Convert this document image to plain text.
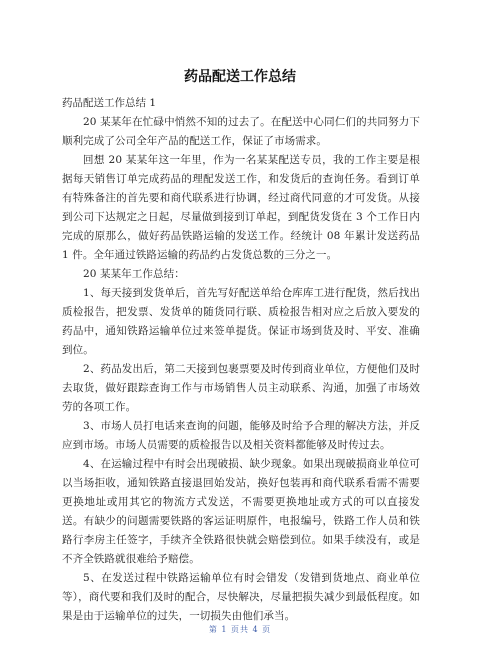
药品配送工作总结

药品配送工作总结 1

20 某某年在忙碌中悄然不知的过去了。在配送中心同仁们的共同努力下顺利完成了公司全年产品的配送工作，保证了市场需求。

回想 20 某某年这一年里，作为一名某某配送专员，我的工作主要是根据每天销售订单完成药品的理配发送工作，和发货后的查询任务。看到订单有特殊备注的首先要和商代联系进行协调，经过商代同意的才可发货。从接到公司下达规定之日起，尽量做到接到订单起，到配货发货在 3 个工作日内完成的原那么，做好药品铁路运输的发送工作。经统计 08 年累计发送药品 1 件。全年通过铁路运输的药品约占发货总数的三分之一。

20 某某年工作总结：

1、每天接到发货单后，首先写好配送单给仓库库工进行配货，然后找出质检报告，把发票、发货单的随货同行联、质检报告相对应之后放入要发的药品中，通知铁路运输单位过来签单提货。保证市场到货及时、平安、准确到位。

2、药品发出后，第二天接到包裹票要及时传到商业单位，方便他们及时去取货，做好跟踪查询工作与市场销售人员主动联系、沟通，加强了市场效劳的各项工作。

3、市场人员打电话来查询的问题，能够及时给予合理的解决方法，并反应到市场。市场人员需要的质检报告以及相关资料都能够及时传过去。

4、在运输过程中有时会出现破损、缺少现象。如果出现破损商业单位可以当场拒收，通知铁路直接退回始发站，换好包装再和商代联系看需不需要更换地址或用其它的物流方式发送，不需要更换地址或方式的可以直接发送。有缺少的问题需要铁路的客运证明原件，电报编号，铁路工作人员和铁路行李房主任签字，手续齐全铁路很快就会赔偿到位。如果手续没有，或是不齐全铁路就很难给予赔偿。

5、在发送过程中铁路运输单位有时会错发（发错到货地点、商业单位等），商代要和我们及时的配合，尽快解决，尽量把损失减少到最低程度。如果是由于运输单位的过失，一切损失由他们承当。

第 1 页共 4 页
